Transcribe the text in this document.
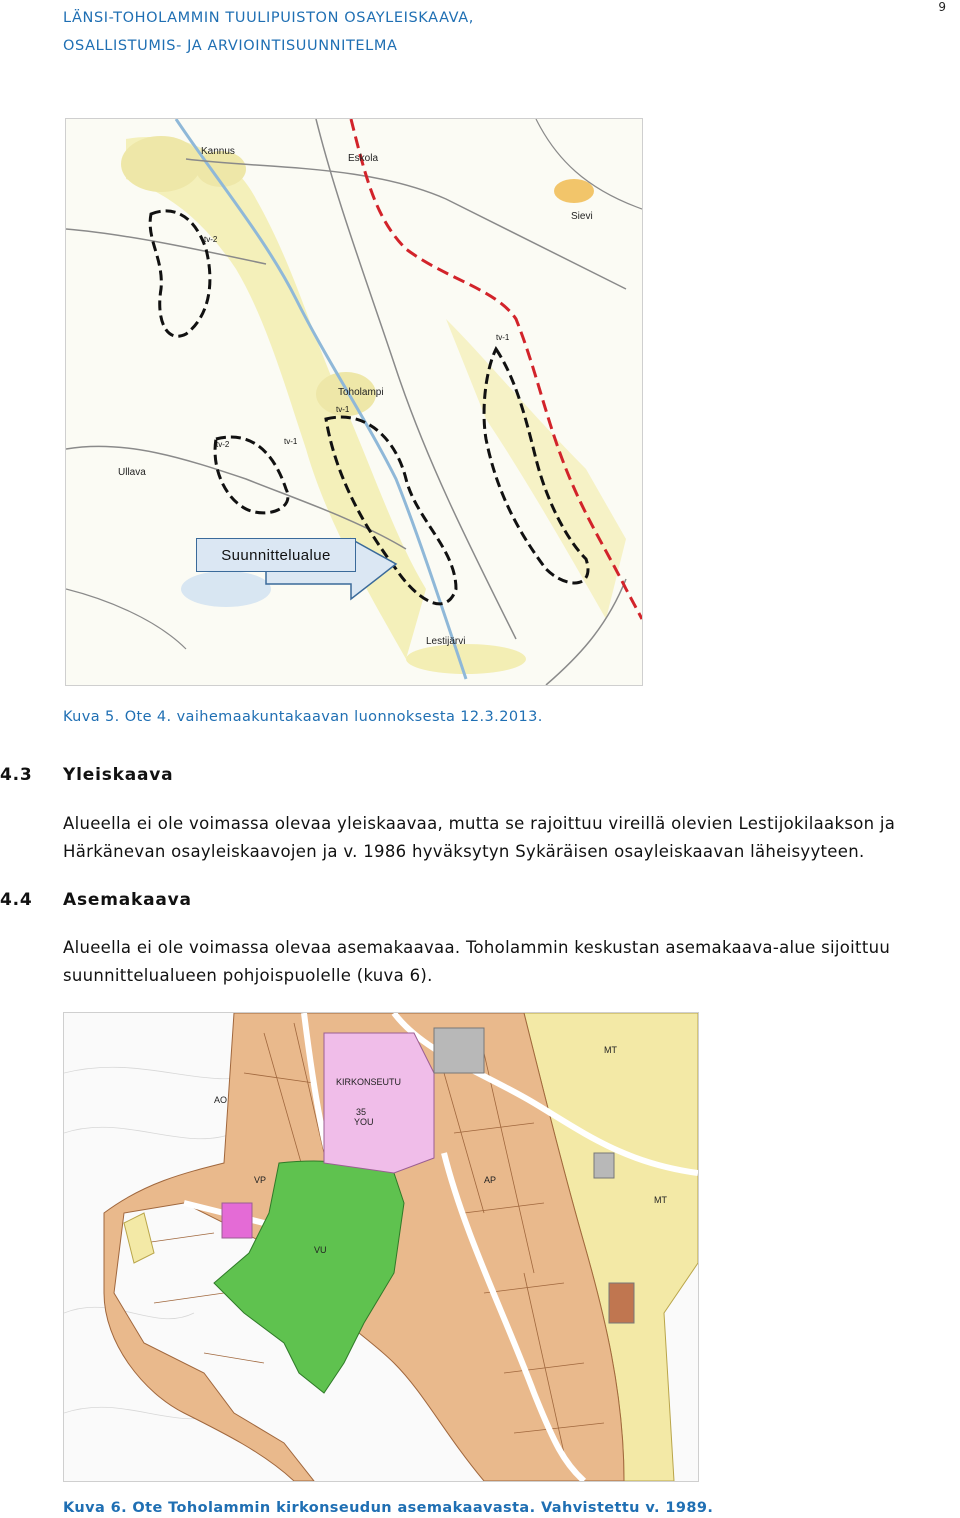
LÄNSI-TOHOLAMMIN TUULIPUISTON OSAYLEISKAAVA,
OSALLISTUMIS- JA ARVIOINTISUUNNITELMA
9
Kannus
Eskola
Sievi
Toholampi
Ullava
Lestijärvi
tv-2
tv-1
tv-2	tv-1
tv-1
Suunnittelualue
Kuva 5. Ote 4. vaihemaakuntakaavan luonnoksesta 12.3.2013.
4.3 Yleiskaava
Alueella ei ole voimassa olevaa yleiskaavaa, mutta se rajoittuu vireillä olevien Lestijokilaakson ja
Härkänevan osayleiskaavojen ja v. 1986 hyväksytyn Sykäräisen osayleiskaavan läheisyyteen.
4.4 Asemakaava
Alueella ei ole voimassa olevaa asemakaavaa. Toholammin keskustan asemakaava-alue sijoittuu
suunnittelualueen pohjoispuolelle (kuva 6).
KIRKONSEUTU
35
YOU
VU
VP
MT
AO
AP
MT
Kuva 6. Ote Toholammin kirkonseudun asemakaavasta. Vahvistettu v. 1989.
